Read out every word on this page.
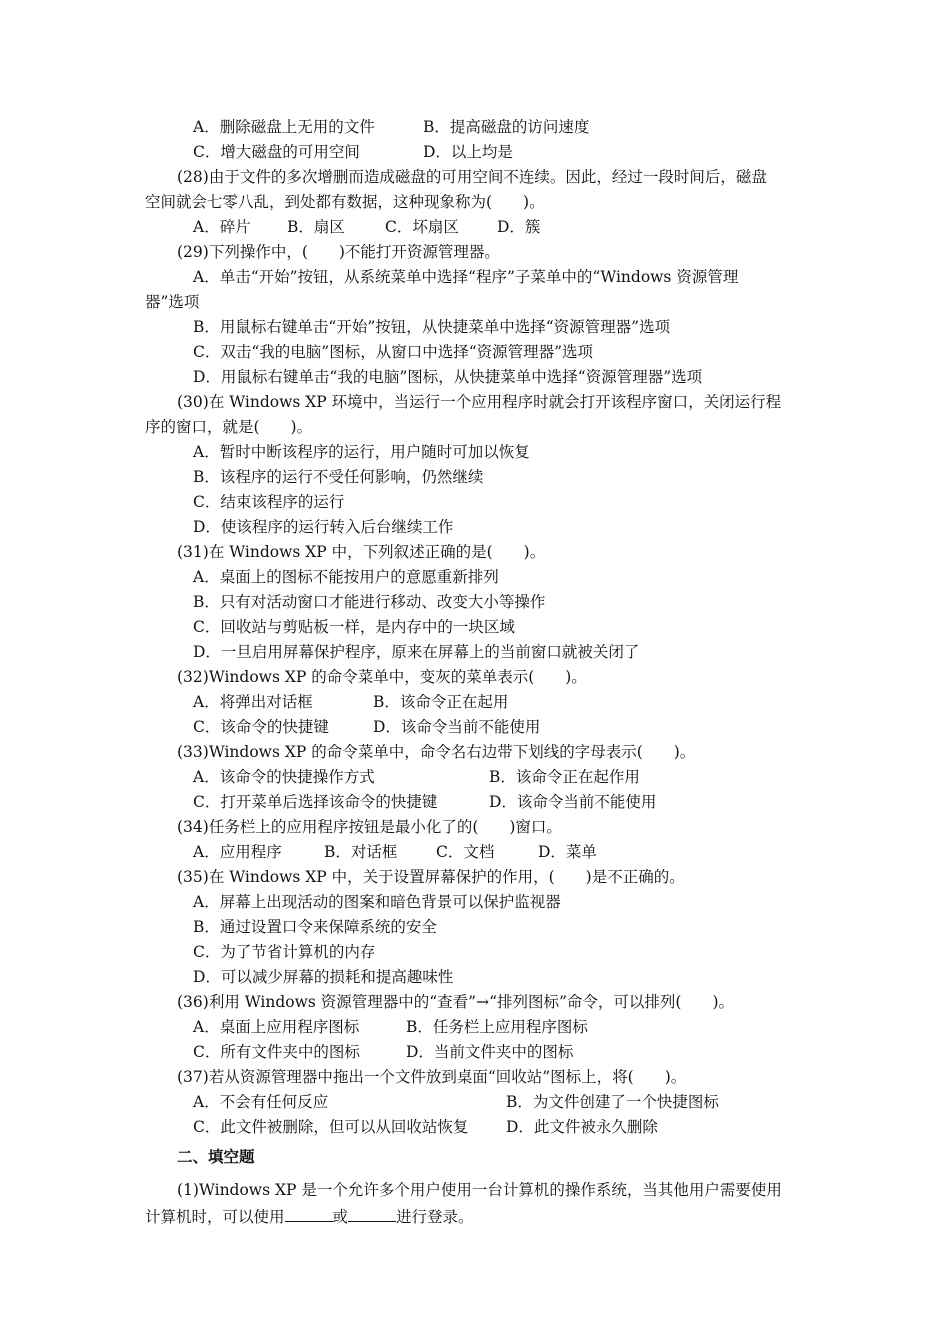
A．删除磁盘上无用的文件	B．提高磁盘的访问速度
C．增大磁盘的可用空间	D．以上均是
(28)由于文件的多次增删而造成磁盘的可用空间不连续。因此，经过一段时间后，磁盘
空间就会七零八乱，到处都有数据，这种现象称为(　　)。
A．碎片 B．扇区	C．坏扇区 D．簇
(29)下列操作中，(　　)不能打开资源管理器。
A．单击“开始”按钮，从系统菜单中选择“程序”子菜单中的“Windows 资源管理
器”选项
B．用鼠标右键单击“开始”按钮，从快捷菜单中选择“资源管理器”选项
C．双击“我的电脑”图标，从窗口中选择“资源管理器”选项
D．用鼠标右键单击“我的电脑”图标，从快捷菜单中选择“资源管理器”选项
(30)在 Windows XP 环境中，当运行一个应用程序时就会打开该程序窗口，关闭运行程
序的窗口，就是(　　)。
A．暂时中断该程序的运行，用户随时可加以恢复
B．该程序的运行不受任何影响，仍然继续
C．结束该程序的运行
D．使该程序的运行转入后台继续工作
(31)在 Windows XP 中，下列叙述正确的是(　　)。
A．桌面上的图标不能按用户的意愿重新排列
B．只有对活动窗口才能进行移动、改变大小等操作
C．回收站与剪贴板一样，是内存中的一块区域
D．一旦启用屏幕保护程序，原来在屏幕上的当前窗口就被关闭了
(32)Windows XP 的命令菜单中，变灰的菜单表示(　　)。
A．将弹出对话框	B．该命令正在起用
C．该命令的快捷键	D．该命令当前不能使用
(33)Windows XP 的命令菜单中，命令名右边带下划线的字母表示(　　)。
A．该命令的快捷操作方式	B．该命令正在起作用
C．打开菜单后选择该命令的快捷键	D．该命令当前不能使用
(34)任务栏上的应用程序按钮是最小化了的(　　)窗口。
A．应用程序	B．对话框 C．文档	D．菜单
(35)在 Windows XP 中，关于设置屏幕保护的作用，(　　)是不正确的。
A．屏幕上出现活动的图案和暗色背景可以保护监视器
B．通过设置口令来保障系统的安全
C．为了节省计算机的内存
D．可以减少屏幕的损耗和提高趣味性
(36)利用 Windows 资源管理器中的“查看”→“排列图标”命令，可以排列(　　)。
A．桌面上应用程序图标	B．任务栏上应用程序图标
C．所有文件夹中的图标	D．当前文件夹中的图标
(37)若从资源管理器中拖出一个文件放到桌面“回收站”图标上，将(　　)。
A．不会有任何反应	B．为文件创建了一个快捷图标
C．此文件被删除，但可以从回收站恢复 D．此文件被永久删除
二、填空题
(1)Windows XP 是一个允许多个用户使用一台计算机的操作系统，当其他用户需要使用
计算机时，可以使用	或	进行登录。
